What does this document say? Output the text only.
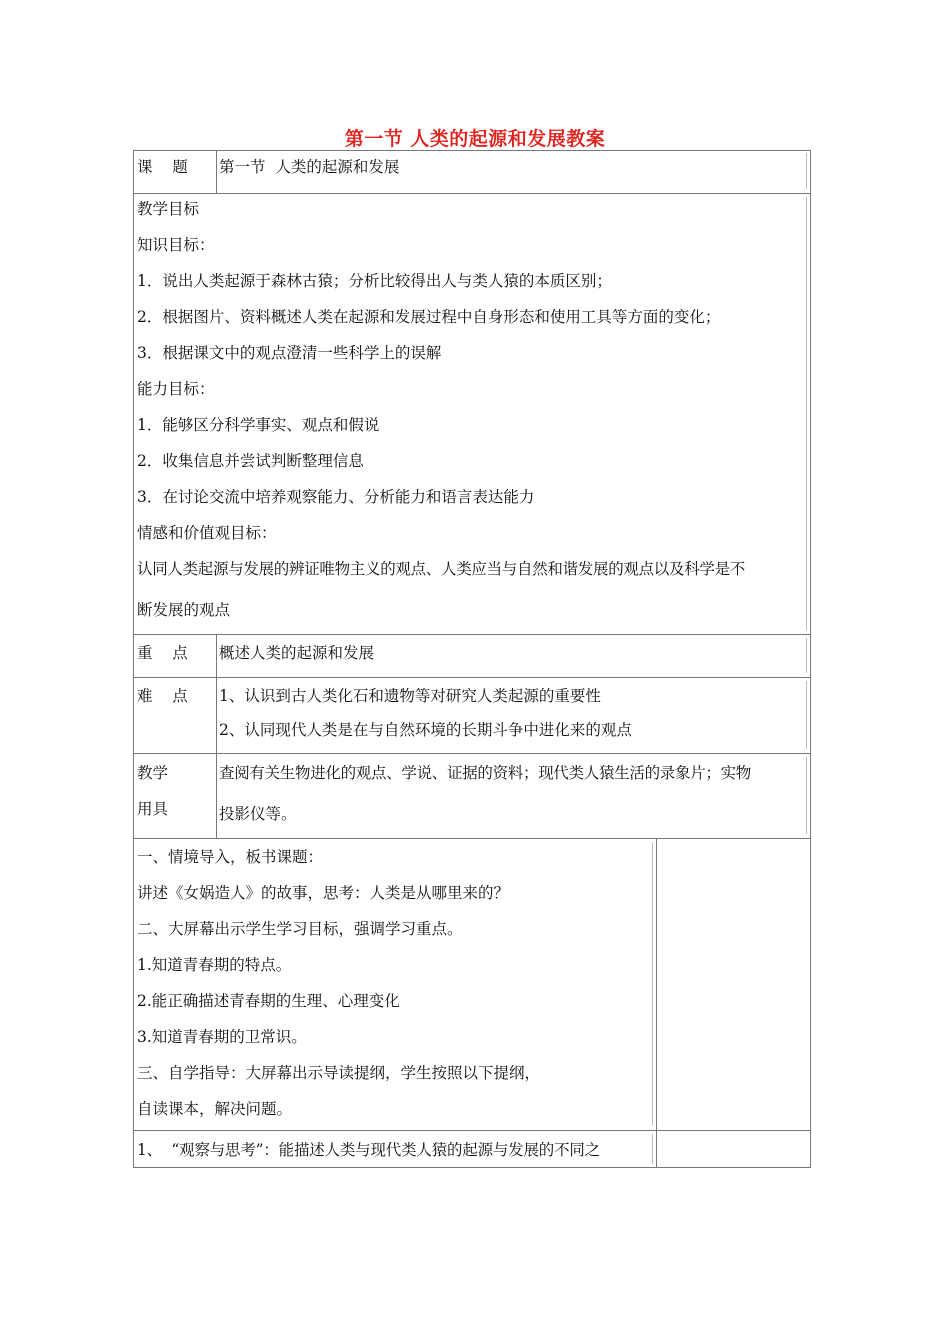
第一节 人类的起源和发展教案
课    题 第一节  人类的起源和发展
教学目标
知识目标：
1．说出人类起源于森林古猿；分析比较得出人与类人猿的本质区别；
2．根据图片、资料概述人类在起源和发展过程中自身形态和使用工具等方面的变化；
3．根据课文中的观点澄清一些科学上的误解
能力目标：
1．能够区分科学事实、观点和假说
2．收集信息并尝试判断整理信息
3．在讨论交流中培养观察能力、分析能力和语言表达能力
情感和价值观目标：
认同人类起源与发展的辨证唯物主义的观点、人类应当与自然和谐发展的观点以及科学是不
断发展的观点
重    点 概述人类的起源和发展
难    点 1、认识到古人类化石和遗物等对研究人类起源的重要性
2、认同现代人类是在与自然环境的长期斗争中进化来的观点
教学
用具
查阅有关生物进化的观点、学说、证据的资料；现代类人猿生活的录象片；实物
投影仪等。
一、情境导入，板书课题：
讲述《女娲造人》的故事，思考：人类是从哪里来的？
二、大屏幕出示学生学习目标，强调学习重点。
1.知道青春期的特点。
2.能正确描述青春期的生理、心理变化
3.知道青春期的卫常识。
三、自学指导：大屏幕出示导读提纲，学生按照以下提纲，
自读课本，解决问题。
1、  “观察与思考”：能描述人类与现代类人猿的起源与发展的不同之
